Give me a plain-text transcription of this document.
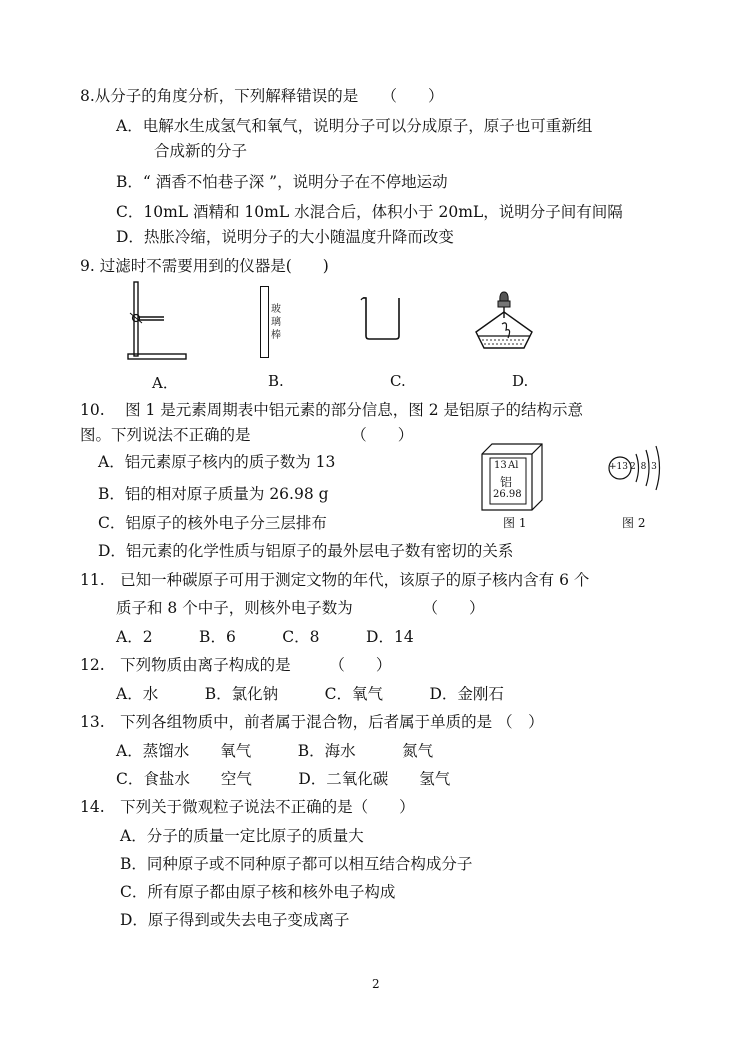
8.从分子的角度分析，下列解释错误的是　　（　　）
A．电解水生成氢气和氧气，说明分子可以分成原子，原子也可重新组
合成新的分子
B．“ 酒香不怕巷子深 ”，说明分子在不停地运动
C．10mL 酒精和 10mL 水混合后，体积小于 20mL，说明分子间有间隔
D．热胀冷缩，说明分子的大小随温度升降而改变
9. 过滤时不需要用到的仪器是(　　)
玻璃棒
A．	B.	C.	D.
10.　 图 1 是元素周期表中铝元素的部分信息，图 2 是铝原子的结构示意
图。下列说法不正确的是　　　　　　　（　　）
A．铝元素原子核内的质子数为 13
B．铝的相对原子质量为 26.98 g
C．铝原子的核外电子分三层排布
D．铝元素的化学性质与铝原子的最外层电子数有密切的关系
13 Al
铝
26.98
图 1
+13 2 8 3
图 2
11.　已知一种碳原子可用于测定文物的年代，该原子的原子核内含有 6 个
质子和 8 个中子，则核外电子数为　　　　　（　　）
A．2　　　B．6　　　C．8　　　D．14
12.　下列物质由离子构成的是　　　（　　）
A．水　　　B．氯化钠　　　C．氧气　　　D．金刚石
13.　下列各组物质中，前者属于混合物，后者属于单质的是 （　）
A．蒸馏水　　氧气　　　B．海水　　　氮气
C．食盐水　　空气　　　D．二氧化碳　　氢气
14.　下列关于微观粒子说法不正确的是（　　）
A．分子的质量一定比原子的质量大
B．同种原子或不同种原子都可以相互结合构成分子
C．所有原子都由原子核和核外电子构成
D．原子得到或失去电子变成离子
2
